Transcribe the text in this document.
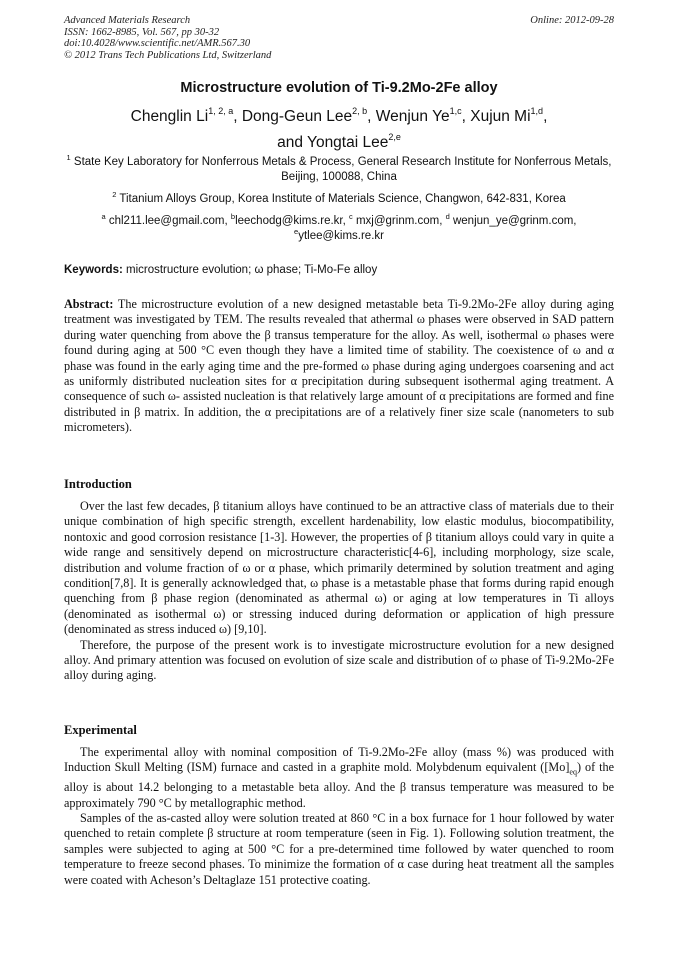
Advanced Materials Research
ISSN: 1662-8985, Vol. 567, pp 30-32
doi:10.4028/www.scientific.net/AMR.567.30
© 2012 Trans Tech Publications Ltd, Switzerland
Online: 2012-09-28
Microstructure evolution of Ti-9.2Mo-2Fe alloy
Chenglin Li$^{1, 2, a}$, Dong-Geun Lee$^{2, b}$, Wenjun Ye$^{1,c}$, Xujun Mi$^{1,d}$,
and Yongtai Lee$^{2,e}$
$^1$ State Key Laboratory for Nonferrous Metals & Process, General Research Institute for Nonferrous Metals, Beijing, 100088, China
$^2$ Titanium Alloys Group, Korea Institute of Materials Science, Changwon, 642-831, Korea
$^a$ chl211.lee@gmail.com, $^b$leechodg@kims.re.kr, $^c$ mxj@grinm.com, $^d$ wenjun_ye@grinm.com,
$^e$ytlee@kims.re.kr
Keywords: microstructure evolution; ω phase; Ti-Mo-Fe alloy

Abstract: The microstructure evolution of a new designed metastable beta Ti-9.2Mo-2Fe alloy during aging treatment was investigated by TEM. The results revealed that athermal ω phases were observed in SAD pattern during water quenching from above the β transus temperature for the alloy. As well, isothermal ω phases were found during aging at 500 °C even though they have a limited time of stability. The coexistence of ω and α phase was found in the early aging time and the pre-formed ω phase during aging undergoes coarsening and act as uniformly distributed nucleation sites for α precipitation during subsequent isothermal aging treatment. A consequence of such ω- assisted nucleation is that relatively large amount of α precipitations are formed and fine distributed in β matrix. In addition, the α precipitations are of a relatively finer size scale (nanometers to sub micrometers).

Introduction

Over the last few decades, β titanium alloys have continued to be an attractive class of materials due to their unique combination of high specific strength, excellent hardenability, low elastic modulus, biocompatibility, nontoxic and good corrosion resistance [1-3]. However, the properties of β titanium alloys could vary in quite a wide range and sensitively depend on microstructure characteristic[4-6], including morphology, size scale, distribution and volume fraction of ω or α phase, which primarily determined by solution treatment and aging condition[7,8]. It is generally acknowledged that, ω phase is a metastable phase that forms during rapid enough quenching from β phase region (denominated as athermal ω) or aging at low temperatures in Ti alloys (denominated as isothermal ω) or stressing induced during deformation or application of high pressure (denominated as stress induced ω) [9,10].

Therefore, the purpose of the present work is to investigate microstructure evolution for a new designed alloy. And primary attention was focused on evolution of size scale and distribution of ω phase of Ti-9.2Mo-2Fe alloy during aging.

Experimental

The experimental alloy with nominal composition of Ti-9.2Mo-2Fe alloy (mass %) was produced with Induction Skull Melting (ISM) furnace and casted in a graphite mold. Molybdenum equivalent $([Mo]_{eq})$ of the alloy is about 14.2 belonging to a metastable beta alloy. And the β transus temperature was measured to be approximately 790 °C by metallographic method.

Samples of the as-casted alloy were solution treated at 860 °C in a box furnace for 1 hour followed by water quenched to retain complete β structure at room temperature (seen in Fig. 1). Following solution treatment, the samples were subjected to aging at 500 °C for a pre-determined time followed by water quenched to room temperature to freeze second phases. To minimize the formation of α case during heat treatment all the samples were coated with Acheson’s Deltaglaze 151 protective coating.
